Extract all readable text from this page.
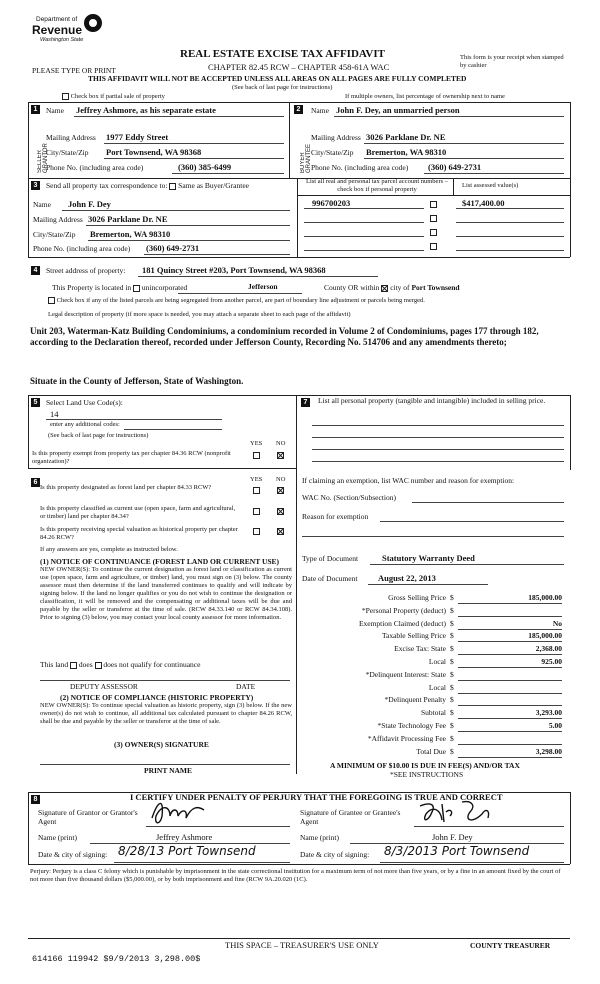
Department of
Revenue
Washington State
PLEASE TYPE OR PRINT
REAL ESTATE EXCISE TAX AFFIDAVIT
CHAPTER 82.45 RCW – CHAPTER 458-61A WAC
This form is your receipt when stamped by cashier
THIS AFFIDAVIT WILL NOT BE ACCEPTED UNLESS ALL AREAS ON ALL PAGES ARE FULLY COMPLETED
(See back of last page for instructions)
Check box if partial sale of property	If multiple owners, list percentage of ownership next to name
1
SELLER GRANTOR
Name Jeffrey Ashmore, as his separate estate
Mailing Address 1977 Eddy Street
City/State/Zip Port Townsend, WA 98368
Phone No. (including area code)	(360) 385-6499
2
BUYER GRANTEE
Name John F. Dey, an unmarried person
Mailing Address 3026 Parklane Dr. NE
City/State/Zip Bremerton, WA 98310
Phone No. (including area code) (360) 649-2731
3	Send all property tax correspondence to: Same as Buyer/Grantee
Name John F. Dey
Mailing Address 3026 Parklane Dr. NE
City/State/Zip Bremerton, WA 98310
Phone No. (including area code) (360) 649-2731
List all real and personal tax parcel account numbers – check box if personal property
List assessed value(s)
996700203	$417,400.00
4	Street address of property: 181 Quincy Street #203, Port Townsend, WA 98368
This Property is located in unincorporated	Jefferson	County OR within city of Port Townsend
Check box if any of the listed parcels are being segregated from another parcel, are part of boundary line adjustment or parcels being merged.
Legal description of property (if more space is needed, you may attach a separate sheet to each page of the affidavit)
Unit 203, Waterman-Katz Building Condominiums, a condominium recorded in Volume 2 of Condominiums, pages 177 through 182, according to the Declaration thereof, recorded under Jefferson County, Recording No. 514706 and any amendments thereto;
Situate in the County of Jefferson, State of Washington.
5	Select Land Use Code(s):
14
enter any additional codes:
(See back of last page for instructions)
YES NO
Is this property exempt from property tax per chapter 84.36 RCW (nonprofit organization)?
6	YES NO
Is this property designated as forest land per chapter 84.33 RCW?
Is this property classified as current use (open space, farm and agricultural, or timber) land per chapter 84.34?
Is this property receiving special valuation as historical property per chapter 84.26 RCW?
If any answers are yes, complete as instructed below.
(1) NOTICE OF CONTINUANCE (FOREST LAND OR CURRENT USE)
NEW OWNER(S): To continue the current designation as forest land or classification as current use (open space, farm and agriculture, or timber) land, you must sign on (3) below. The county assessor must then determine if the land transferred continues to qualify and will indicate by signing below. If the land no longer qualifies or you do not wish to continue the designation or classification, it will be removed and the compensating or additional taxes will be due and payable by the seller or transferor at the time of sale. (RCW 84.33.140 or RCW 84.34.108). Prior to signing (3) below, you may contact your local county assessor for more information.
This land does does not qualify for continuance
DEPUTY ASSESSOR	DATE
(2) NOTICE OF COMPLIANCE (HISTORIC PROPERTY)
NEW OWNER(S): To continue special valuation as historic property, sign (3) below. If the new owner(s) do not wish to continue, all additional tax calculated pursuant to chapter 84.26 RCW, shall be due and payable by the seller or transferor at the time of sale.
(3) OWNER(S) SIGNATURE
PRINT NAME
7	List all personal property (tangible and intangible) included in selling price.
If claiming an exemption, list WAC number and reason for exemption:
WAC No. (Section/Subsection)
Reason for exemption
Type of Document	Statutory Warranty Deed
Date of Document August 22, 2013
Gross Selling Price $	185,000.00
*Personal Property (deduct) $
Exemption Claimed (deduct) $	No
Taxable Selling Price $	185,000.00
Excise Tax: State $	2,368.00
Local $	925.00
*Delinquent Interest: State $
Local $
*Delinquent Penalty $
Subtotal $	3,293.00
*State Technology Fee $	5.00
*Affidavit Processing Fee $
Total Due $	3,298.00
A MINIMUM OF $10.00 IS DUE IN FEE(S) AND/OR TAX
*SEE INSTRUCTIONS
8	I CERTIFY UNDER PENALTY OF PERJURY THAT THE FOREGOING IS TRUE AND CORRECT
Signature of Grantor or Grantor's Agent
Signature of Grantee or Grantee's Agent
Name (print)	Jeffrey Ashmore	Name (print)	John F. Dey
Date & city of signing: 8/28/13 Port Townsend	Date & city of signing: 8/3/2013 Port Townsend
Perjury: Perjury is a class C felony which is punishable by imprisonment in the state correctional institution for a maximum term of not more than five years, or by a fine in an amount fixed by the court of not more than five thousand dollars ($5,000.00), or by both imprisonment and fine (RCW 9A.20.020 (1C).
THIS SPACE – TREASURER'S USE ONLY	COUNTY TREASURER
614166 119942 $9/9/2013 3,298.00$
